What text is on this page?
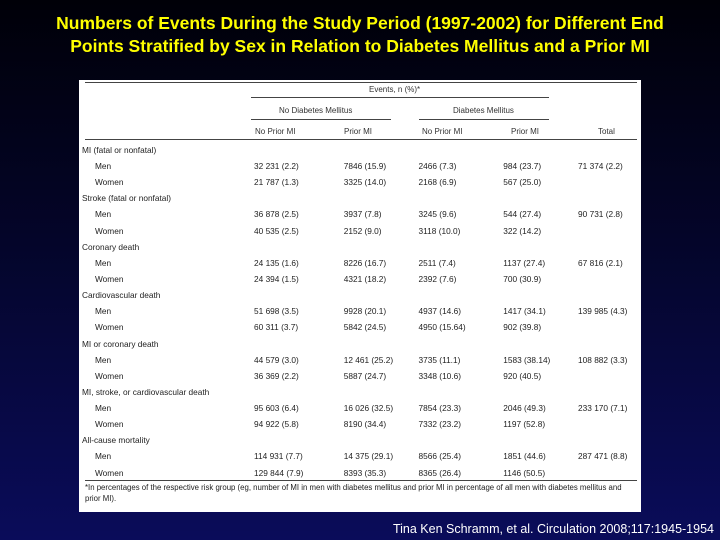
Numbers of Events During the Study Period (1997-2002) for Different End
Points Stratified by Sex in Relation to Diabetes Mellitus and a Prior MI
Events, n (%)*
No Diabetes Mellitus	Diabetes Mellitus
No Prior MI	Prior MI	No Prior MI	Prior MI	Total
MI (fatal or nonfatal)					
Men	32 231 (2.2)	7846 (15.9)	2466 (7.3)	984 (23.7)	71 374 (2.2)
Women	21 787 (1.3)	3325 (14.0)	2168 (6.9)	567 (25.0)	
Stroke (fatal or nonfatal)					
Men	36 878 (2.5)	3937 (7.8)	3245 (9.6)	544 (27.4)	90 731 (2.8)
Women	40 535 (2.5)	2152 (9.0)	3118 (10.0)	322 (14.2)	
Coronary death					
Men	24 135 (1.6)	8226 (16.7)	2511 (7.4)	1137 (27.4)	67 816 (2.1)
Women	24 394 (1.5)	4321 (18.2)	2392 (7.6)	700 (30.9)	
Cardiovascular death					
Men	51 698 (3.5)	9928 (20.1)	4937 (14.6)	1417 (34.1)	139 985 (4.3)
Women	60 311 (3.7)	5842 (24.5)	4950 (15.64)	902 (39.8)	
MI or coronary death					
Men	44 579 (3.0)	12 461 (25.2)	3735 (11.1)	1583 (38.14)	108 882 (3.3)
Women	36 369 (2.2)	5887 (24.7)	3348 (10.6)	920 (40.5)	
MI, stroke, or cardiovascular death					
Men	95 603 (6.4)	16 026 (32.5)	7854 (23.3)	2046 (49.3)	233 170 (7.1)
Women	94 922 (5.8)	8190 (34.4)	7332 (23.2)	1197 (52.8)	
All-cause mortality					
Men	114 931 (7.7)	14 375 (29.1)	8566 (25.4)	1851 (44.6)	287 471 (8.8)
Women	129 844 (7.9)	8393 (35.3)	8365 (26.4)	1146 (50.5)	
*In percentages of the respective risk group (eg, number of MI in men with diabetes mellitus and prior MI in percentage of all men with diabetes mellitus and prior MI).
Tina Ken Schramm, et al. Circulation 2008;117:1945-1954
